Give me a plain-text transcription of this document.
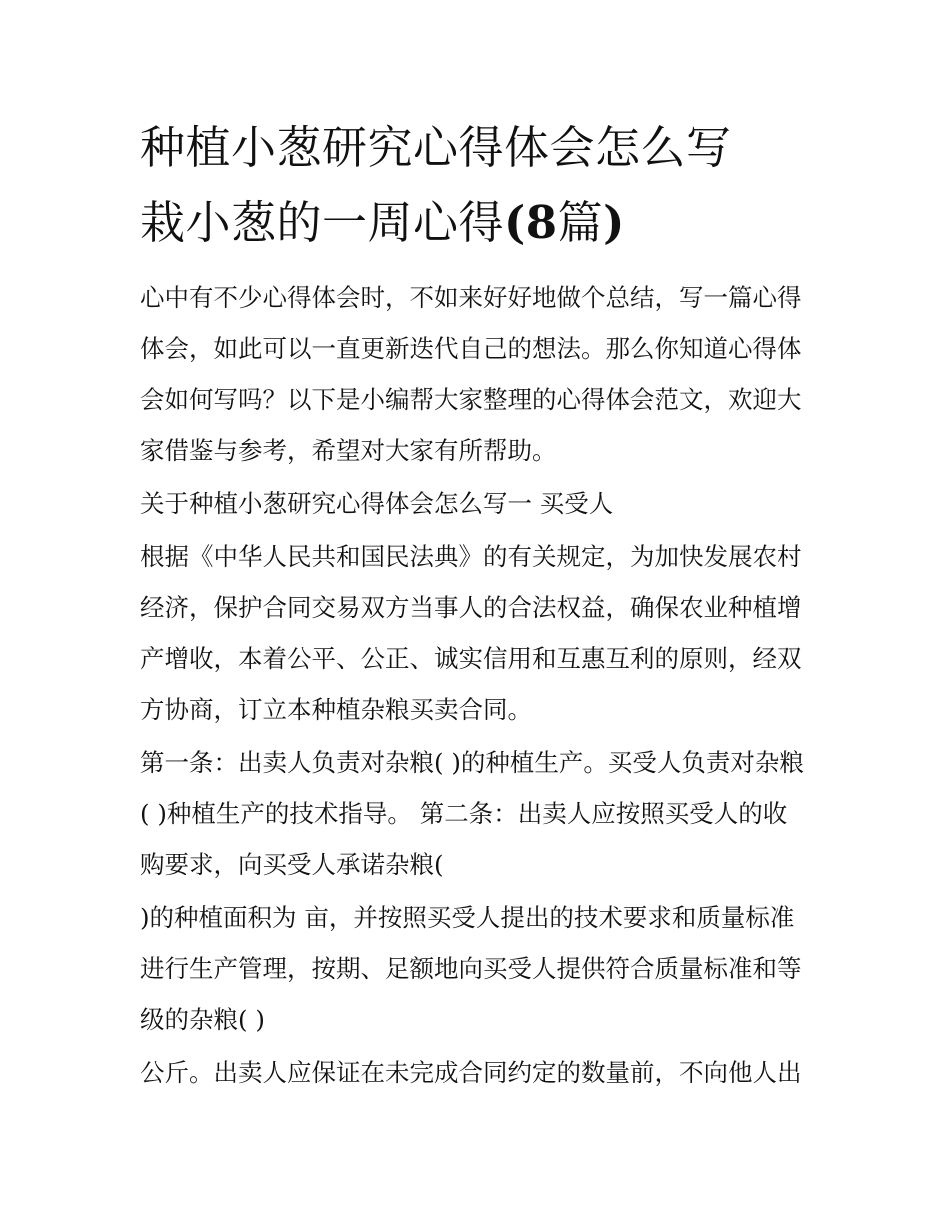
种植小葱研究心得体会怎么写
栽小葱的一周心得(8篇)

心中有不少心得体会时，不如来好好地做个总结，写一篇心得
体会，如此可以一直更新迭代自己的想法。那么你知道心得体
会如何写吗？以下是小编帮大家整理的心得体会范文，欢迎大
家借鉴与参考，希望对大家有所帮助。

关于种植小葱研究心得体会怎么写一 买受人

根据《中华人民共和国民法典》的有关规定，为加快发展农村
经济，保护合同交易双方当事人的合法权益，确保农业种植增
产增收，本着公平、公正、诚实信用和互惠互利的原则，经双
方协商，订立本种植杂粮买卖合同。

第一条：出卖人负责对杂粮( )的种植生产。买受人负责对杂粮
( )种植生产的技术指导。 第二条：出卖人应按照买受人的收
购要求，向买受人承诺杂粮(

)的种植面积为 亩，并按照买受人提出的技术要求和质量标准
进行生产管理，按期、足额地向买受人提供符合质量标准和等
级的杂粮( )

公斤。出卖人应保证在未完成合同约定的数量前，不向他人出
